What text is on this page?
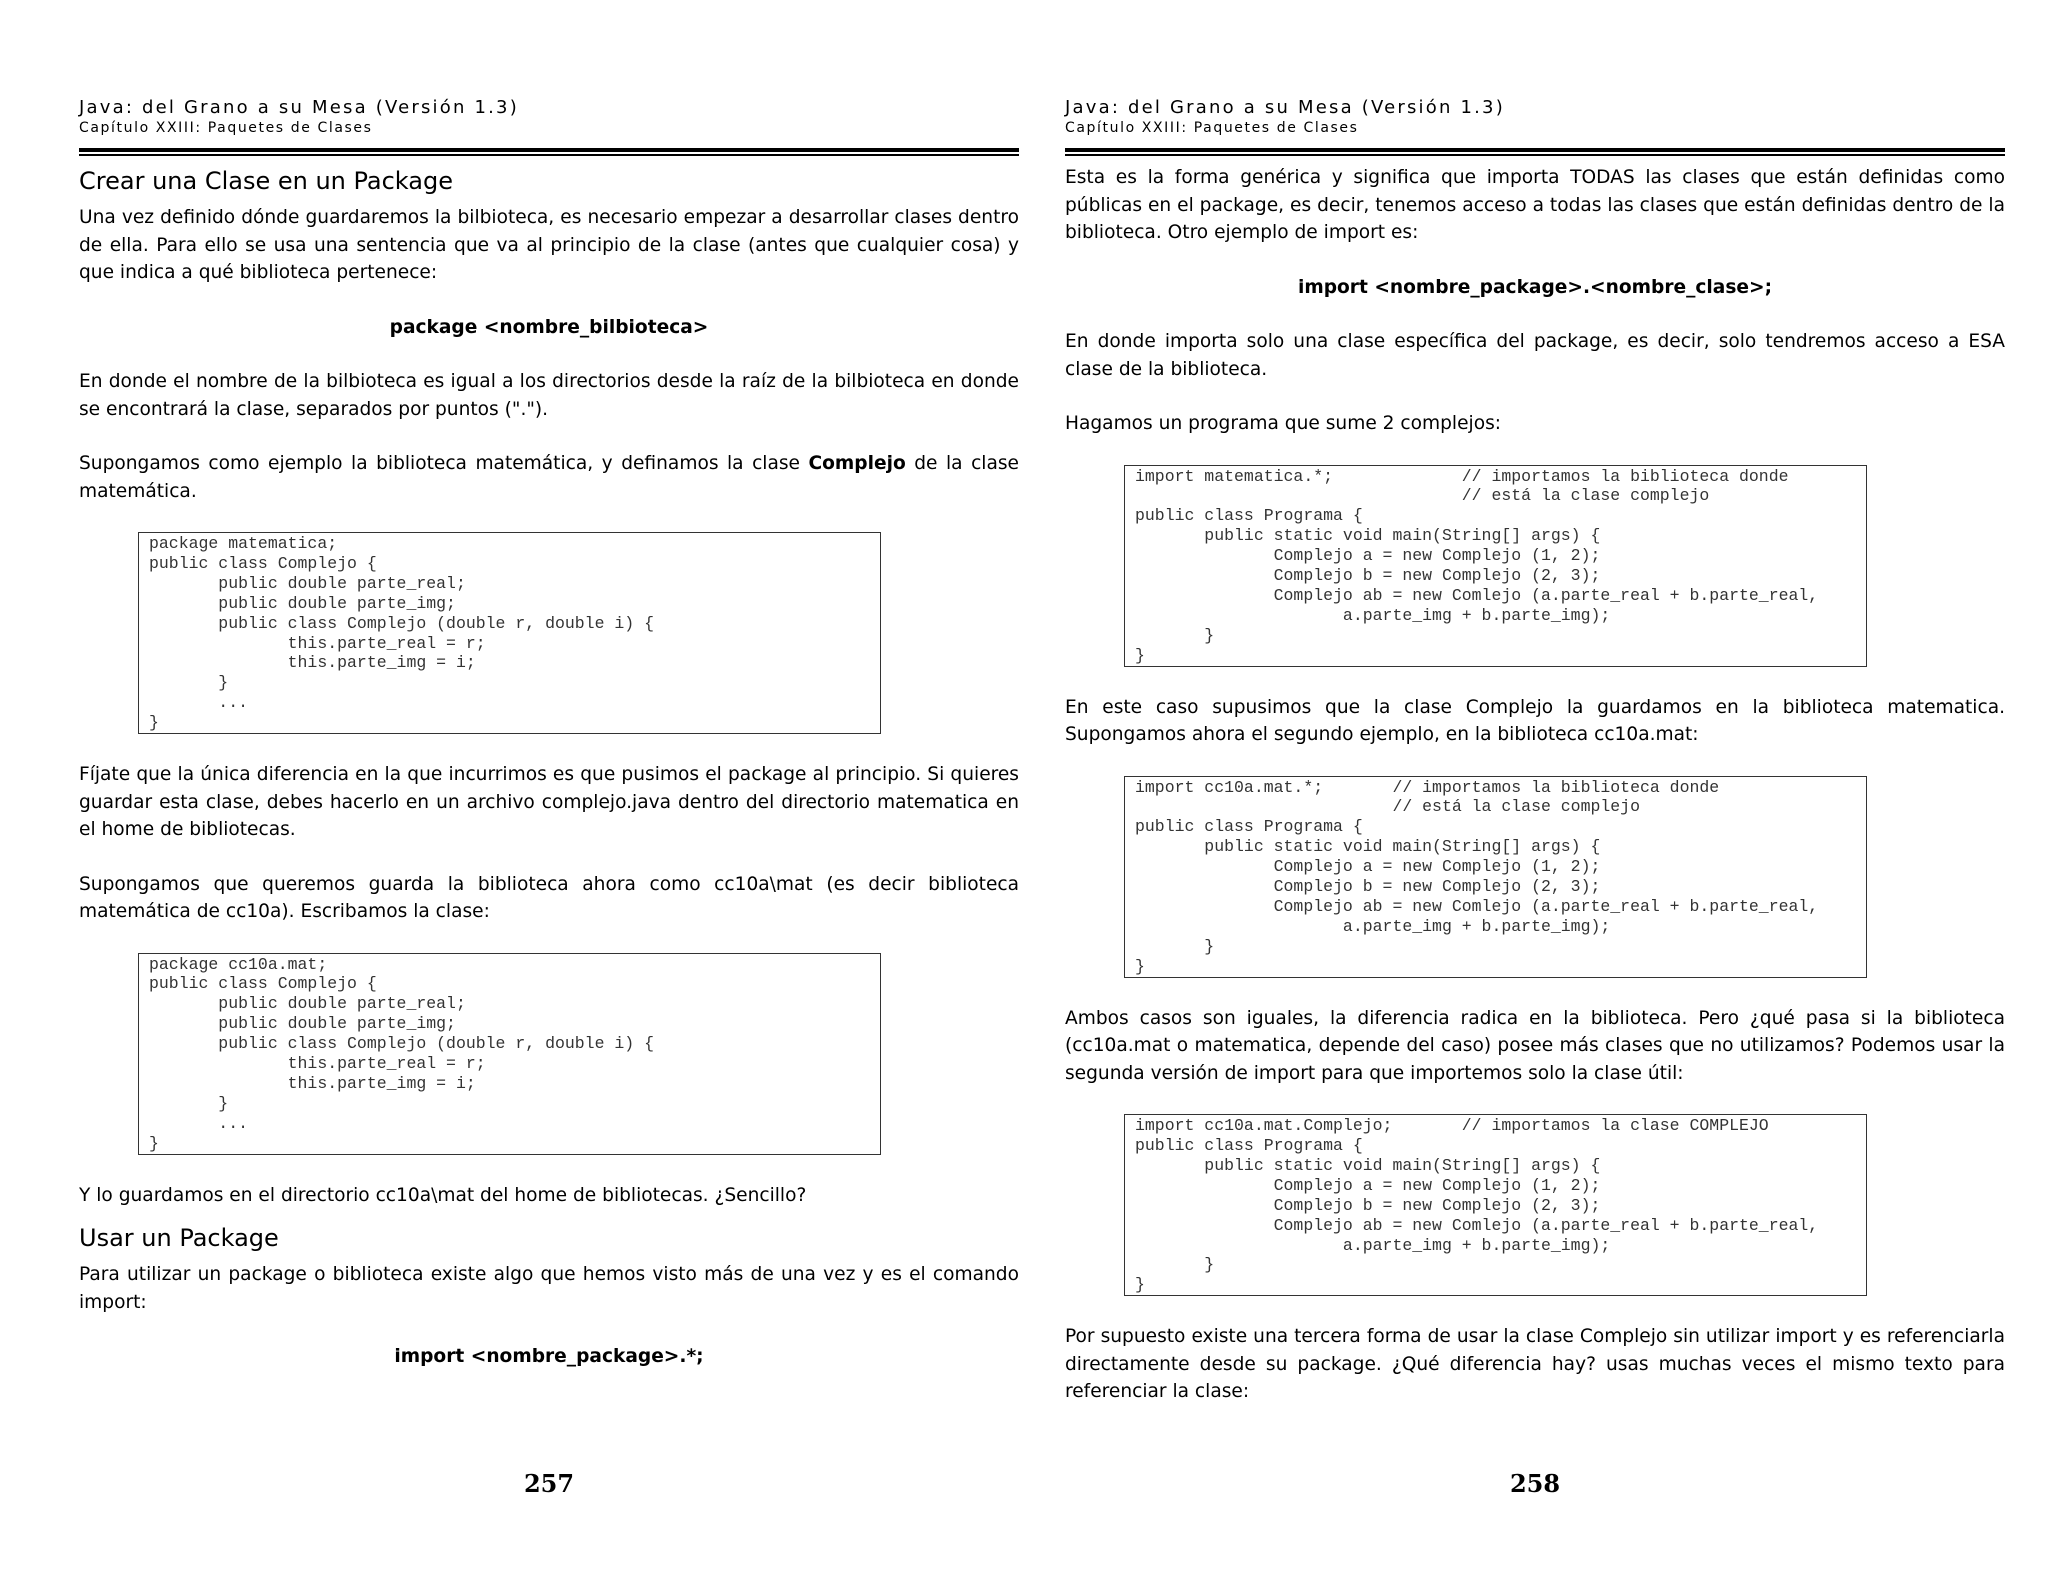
Java: del Grano a su Mesa (Versión 1.3)
Capítulo XXIII: Paquetes de Clases
Crear una Clase en un Package

Una vez definido dónde guardaremos la bilbioteca, es necesario empezar a desarrollar clases dentro de ella. Para ello se usa una sentencia que va al principio de la clase (antes que cualquier cosa) y que indica a qué biblioteca pertenece:

package <nombre_bilbioteca>

En donde el nombre de la bilbioteca es igual a los directorios desde la raíz de la bilbioteca en donde se encontrará la clase, separados por puntos (".").

Supongamos como ejemplo la biblioteca matemática, y definamos la clase Complejo de la clase matemática.

package matematica;
public class Complejo {
public double parte_real;
public double parte_img;
public class Complejo (double r, double i) {
this.parte_real = r;
this.parte_img = i;
}
...
}

Fíjate que la única diferencia en la que incurrimos es que pusimos el package al principio. Si quieres guardar esta clase, debes hacerlo en un archivo complejo.java dentro del directorio matematica en el home de bibliotecas.

Supongamos que queremos guarda la biblioteca ahora como cc10a\mat (es decir biblioteca matemática de cc10a). Escribamos la clase:

package cc10a.mat;
public class Complejo {
public double parte_real;
public double parte_img;
public class Complejo (double r, double i) {
this.parte_real = r;
this.parte_img = i;
}
...
}

Y lo guardamos en el directorio cc10a\mat del home de bibliotecas. ¿Sencillo?

Usar un Package

Para utilizar un package o biblioteca existe algo que hemos visto más de una vez y es el comando import:

import <nombre_package>.*;

257
Java: del Grano a su Mesa (Versión 1.3)
Capítulo XXIII: Paquetes de Clases

Esta es la forma genérica y significa que importa TODAS las clases que están definidas como públicas en el package, es decir, tenemos acceso a todas las clases que están definidas dentro de la biblioteca. Otro ejemplo de import es:

import <nombre_package>.<nombre_clase>;

En donde importa solo una clase específica del package, es decir, solo tendremos acceso a ESA clase de la biblioteca.

Hagamos un programa que sume 2 complejos:

import matematica.*;             // importamos la biblioteca donde
// está la clase complejo
public class Programa {
public static void main(String[] args) {
Complejo a = new Complejo (1, 2);
Complejo b = new Complejo (2, 3);
Complejo ab = new Comlejo (a.parte_real + b.parte_real,
a.parte_img + b.parte_img);
}
}

En este caso supusimos que la clase Complejo la guardamos en la biblioteca matematica. Supongamos ahora el segundo ejemplo, en la biblioteca cc10a.mat:

import cc10a.mat.*;       // importamos la biblioteca donde
// está la clase complejo
public class Programa {
public static void main(String[] args) {
Complejo a = new Complejo (1, 2);
Complejo b = new Complejo (2, 3);
Complejo ab = new Comlejo (a.parte_real + b.parte_real,
a.parte_img + b.parte_img);
}
}

Ambos casos son iguales, la diferencia radica en la biblioteca. Pero ¿qué pasa si la biblioteca (cc10a.mat o matematica, depende del caso) posee más clases que no utilizamos? Podemos usar la segunda versión de import para que importemos solo la clase útil:

import cc10a.mat.Complejo;       // importamos la clase COMPLEJO
public class Programa {
public static void main(String[] args) {
Complejo a = new Complejo (1, 2);
Complejo b = new Complejo (2, 3);
Complejo ab = new Comlejo (a.parte_real + b.parte_real,
a.parte_img + b.parte_img);
}
}

Por supuesto existe una tercera forma de usar la clase Complejo sin utilizar import y es referenciarla directamente desde su package. ¿Qué diferencia hay? usas muchas veces el mismo texto para referenciar la clase:

258
